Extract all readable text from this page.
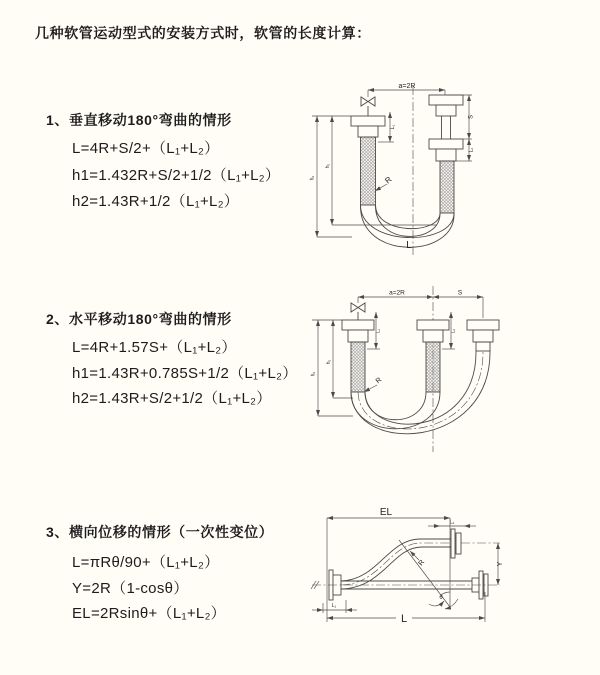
几种软管运动型式的安装方式时，软管的长度计算：
1、垂直移动180°弯曲的情形
L=4R+S/2+（L₁+L₂）
h1=1.432R+S/2+1/2（L₁+L₂）
h2=1.43R+1/2（L₁+L₂）
2、水平移动180°弯曲的情形
L=4R+1.57S+（L₁+L₂）
h1=1.43R+0.785S+1/2（L₁+L₂）
h2=1.43R+S/2+1/2（L₁+L₂）
3、横向位移的情形（一次性变位）
L=πRθ/90+（L₁+L₂）
Y=2R（1-cosθ）
EL=2Rsinθ+（L₁+L₂）
a=2R
L₁
S
L₂
h₁
h₂	R
L
a=2R	S
L₁	L₂
h₁
h₂
R
EL
L₂
Y
R
θ
L₁
L
